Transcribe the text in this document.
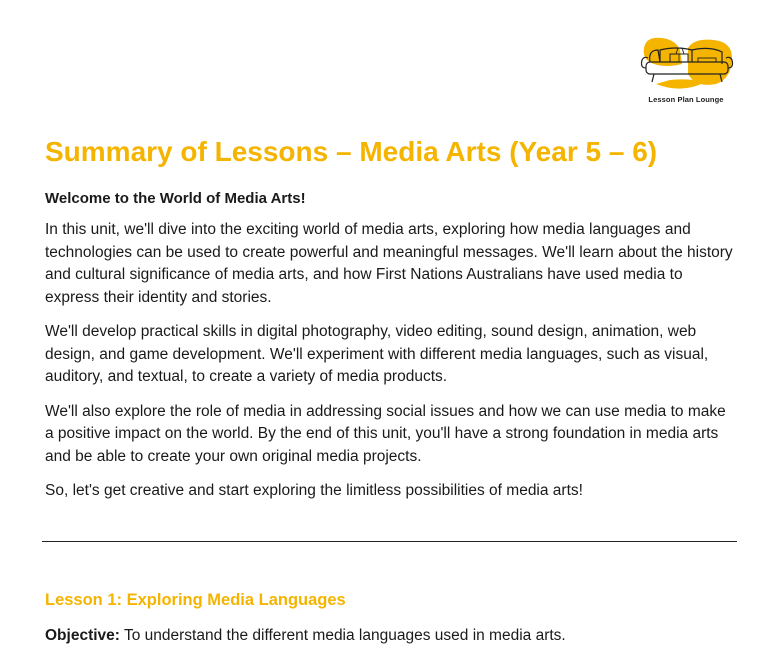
Lesson Plan Lounge
Summary of Lessons – Media Arts (Year 5 – 6)

Welcome to the World of Media Arts!

In this unit, we'll dive into the exciting world of media arts, exploring how media languages and technologies can be used to create powerful and meaningful messages. We'll learn about the history and cultural significance of media arts, and how First Nations Australians have used media to express their identity and stories.

We'll develop practical skills in digital photography, video editing, sound design, animation, web design, and game development. We'll experiment with different media languages, such as visual, auditory, and textual, to create a variety of media products.

We'll also explore the role of media in addressing social issues and how we can use media to make a positive impact on the world. By the end of this unit, you'll have a strong foundation in media arts and be able to create your own original media projects.

So, let's get creative and start exploring the limitless possibilities of media arts!

Lesson 1: Exploring Media Languages

Objective: To understand the different media languages used in media arts.
